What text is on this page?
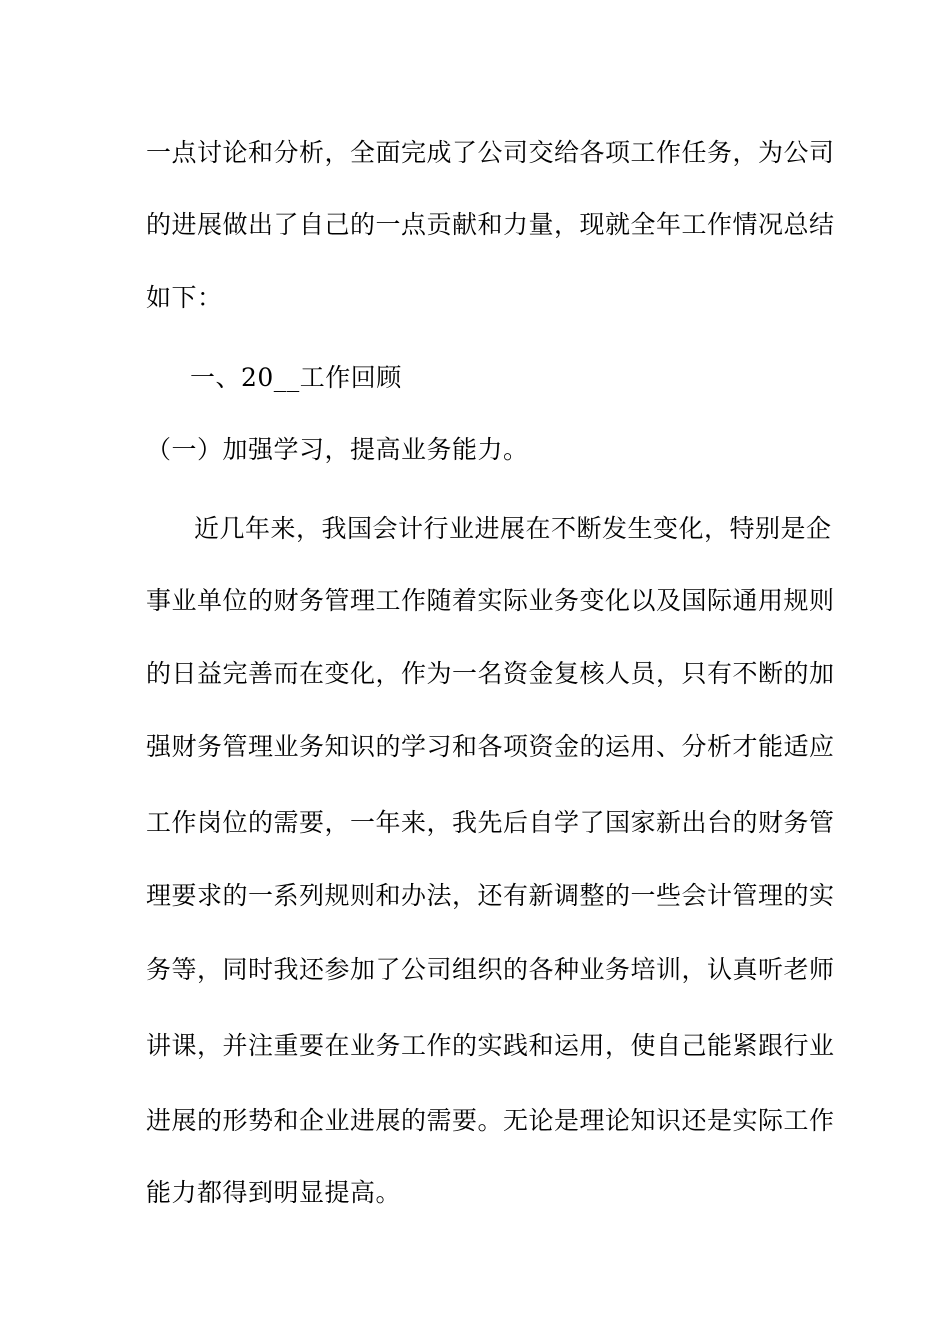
一点讨论和分析，全面完成了公司交给各项工作任务，为公司
的进展做出了自己的一点贡献和力量，现就全年工作情况总结
如下：
一、20__工作回顾
（一）加强学习，提高业务能力。
近几年来，我国会计行业进展在不断发生变化，特别是企
事业单位的财务管理工作随着实际业务变化以及国际通用规则
的日益完善而在变化，作为一名资金复核人员，只有不断的加
强财务管理业务知识的学习和各项资金的运用、分析才能适应
工作岗位的需要，一年来，我先后自学了国家新出台的财务管
理要求的一系列规则和办法，还有新调整的一些会计管理的实
务等，同时我还参加了公司组织的各种业务培训，认真听老师
讲课，并注重要在业务工作的实践和运用，使自己能紧跟行业
进展的形势和企业进展的需要。无论是理论知识还是实际工作
能力都得到明显提高。
